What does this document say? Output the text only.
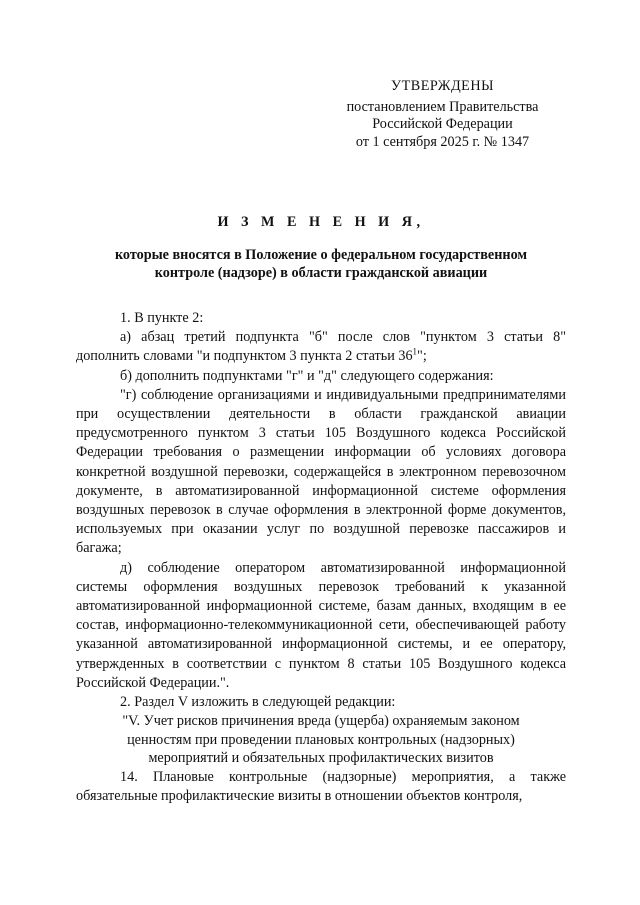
УТВЕРЖДЕНЫ
постановлением Правительства
Российской Федерации
от 1 сентября 2025 г. № 1347
И З М Е Н Е Н И Я,
которые вносятся в Положение о федеральном государственном
контроле (надзоре) в области гражданской авиации

1. В пункте 2:

а) абзац третий подпункта "б" после слов "пунктом 3 статьи 8" дополнить словами "и подпунктом 3 пункта 2 статьи $36^1$";

б) дополнить подпунктами "г" и "д" следующего содержания:

"г) соблюдение организациями и индивидуальными предпринимателями при осуществлении деятельности в области гражданской авиации предусмотренного пунктом 3 статьи 105 Воздушного кодекса Российской Федерации требования о размещении информации об условиях договора конкретной воздушной перевозки, содержащейся в электронном перевозочном документе, в автоматизированной информационной системе оформления воздушных перевозок в случае оформления в электронной форме документов, используемых при оказании услуг по воздушной перевозке пассажиров и багажа;

д) соблюдение оператором автоматизированной информационной системы оформления воздушных перевозок требований к указанной автоматизированной информационной системе, базам данных, входящим в ее состав, информационно-телекоммуникационной сети, обеспечивающей работу указанной автоматизированной информационной системы, и ее оператору, утвержденных в соответствии с пунктом 8 статьи 105 Воздушного кодекса Российской Федерации.".

2. Раздел V изложить в следующей редакции:

"V. Учет рисков причинения вреда (ущерба) охраняемым законом ценностям при проведении плановых контрольных (надзорных) мероприятий и обязательных профилактических визитов

14. Плановые контрольные (надзорные) мероприятия, а также обязательные профилактические визиты в отношении объектов контроля,
